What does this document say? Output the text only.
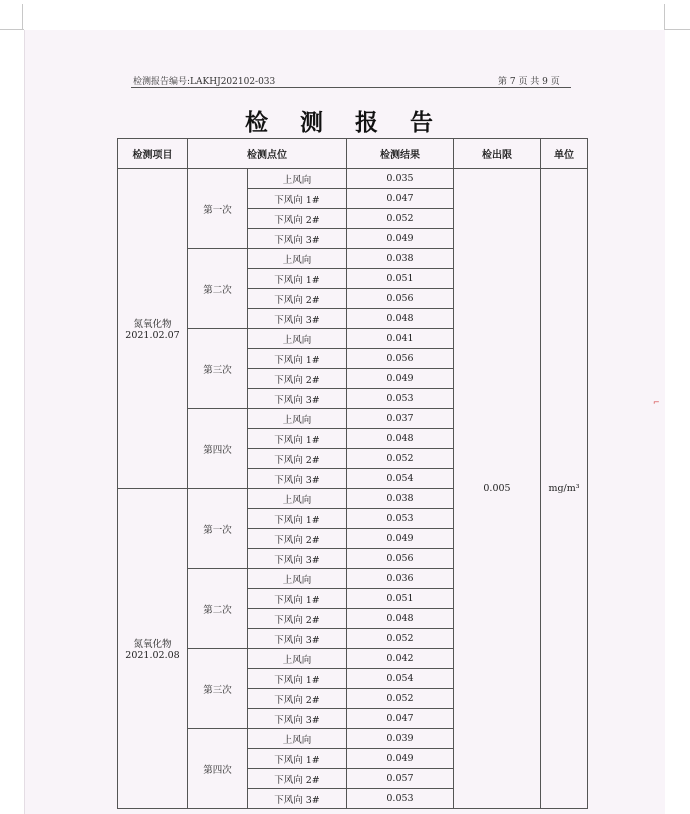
检测报告编号:LAKHJ202102-033	第 7 页 共 9 页
检 测 报 告
检测项目	检测点位		检测结果	检出限	单位

氮氧化物
2021.02.07	第一次	上风向	0.035	0.005	mg/m³
		下风向 1#	0.047		
		下风向 2#	0.052		
		下风向 3#	0.049		
	第二次	上风向	0.038		
		下风向 1#	0.051		
		下风向 2#	0.056		
		下风向 3#	0.048		
	第三次	上风向	0.041		
		下风向 1#	0.056		
		下风向 2#	0.049		
		下风向 3#	0.053		
	第四次	上风向	0.037		
		下风向 1#	0.048		
		下风向 2#	0.052		
		下风向 3#	0.054		

氮氧化物
2021.02.08	第一次	上风向	0.038		
		下风向 1#	0.053		
		下风向 2#	0.049		
		下风向 3#	0.056		
	第二次	上风向	0.036		
		下风向 1#	0.051		
		下风向 2#	0.048		
		下风向 3#	0.052		
	第三次	上风向	0.042		
		下风向 1#	0.054		
		下风向 2#	0.052		
		下风向 3#	0.047		
	第四次	上风向	0.039		
		下风向 1#	0.049		
		下风向 2#	0.057		
		下风向 3#	0.053		
⌐
